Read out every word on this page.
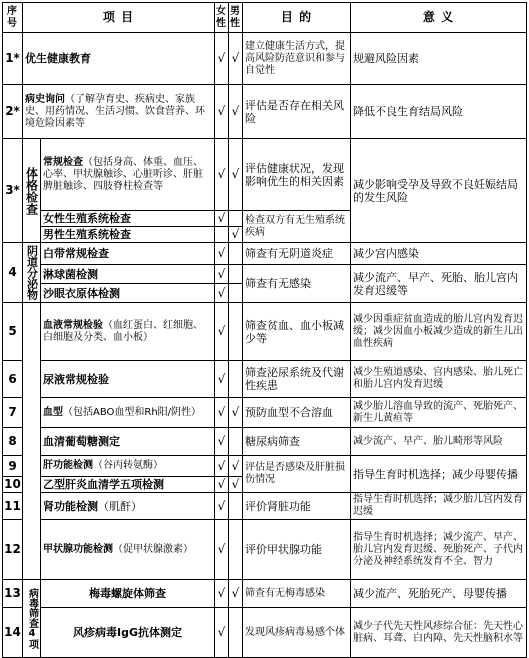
序号	项 目		女性	男性	目 的	意 义
1*	优生健康教育		√	√	建立健康生活方式，提高风险防范意识和参与自觉性	规避风险因素
2*	病史询问（了解孕育史、疾病史、家族史、用药情况、生活习惯、饮食营养、环境危险因素等		√	√	评估是否存在相关风险	降低不良生育结局风险
3*	体格检查	常规检查（包括身高、体重、血压、心率、甲状腺触诊、心脏听诊、肝脏脾脏触诊、四肢脊柱检查等	√	√	评估健康状况，发现影响优生的相关因素	减少影响受孕及导致不良妊娠结局的发生风险
		女性生殖系统检查	√		检查双方有无生殖系统疾病	
		男性生殖系统检查		√		
4	阴道分泌物	白带常规检查	√		筛查有无阴道炎症	减少宫内感染
		淋球菌检测	√		筛查有无感染	减少流产、早产、死胎、胎儿宫内发育迟缓等
		沙眼衣原体检测	√			
5		血液常规检验（血红蛋白、红细胞、白细胞及分类、血小板）	√		筛查贫血、血小板减少等	减少因重症贫血造成的胎儿宫内发育迟缓；减少因血小板减少造成的新生儿出血性疾病
6		尿液常规检验	√		筛查泌尿系统及代谢性疾患	减少生殖道感染、宫内感染、胎儿死亡和胎儿宫内发育迟缓
7		血型（包括ABO血型和Rh阳/阴性）	√	√	预防血型不合溶血	减少胎儿溶血导致的流产、死胎死产、新生儿黄疸等
8		血清葡萄糖测定	√		糖尿病筛查	减少流产、早产、胎儿畸形等风险
9		肝功能检测（谷丙转氨酶）	√	√	评估是否感染及肝脏损伤情况	指导生育时机选择；减少母婴传播
10		乙型肝炎血清学五项检测	√	√		
11		肾功能检测（肌酐）	√		评价肾脏功能	指导生育时机选择；减少胎儿宫内发育迟缓
12		甲状腺功能检测（促甲状腺激素）	√		评价甲状腺功能	指导生育时机选择；减少流产、早产、胎儿宫内发育迟缓、死胎死产、子代内分泌及神经系统发育不全、智力
13	病毒筛查4项	梅毒螺旋体筛查	√	√	筛查有无梅毒感染	减少流产、死胎死产、母婴传播
14		风疹病毒IgG抗体测定	√		发现风疹病毒易感个体	减少子代先天性风疹综合征：先天性心脏病、耳聋、白内障、先天性脑积水等
